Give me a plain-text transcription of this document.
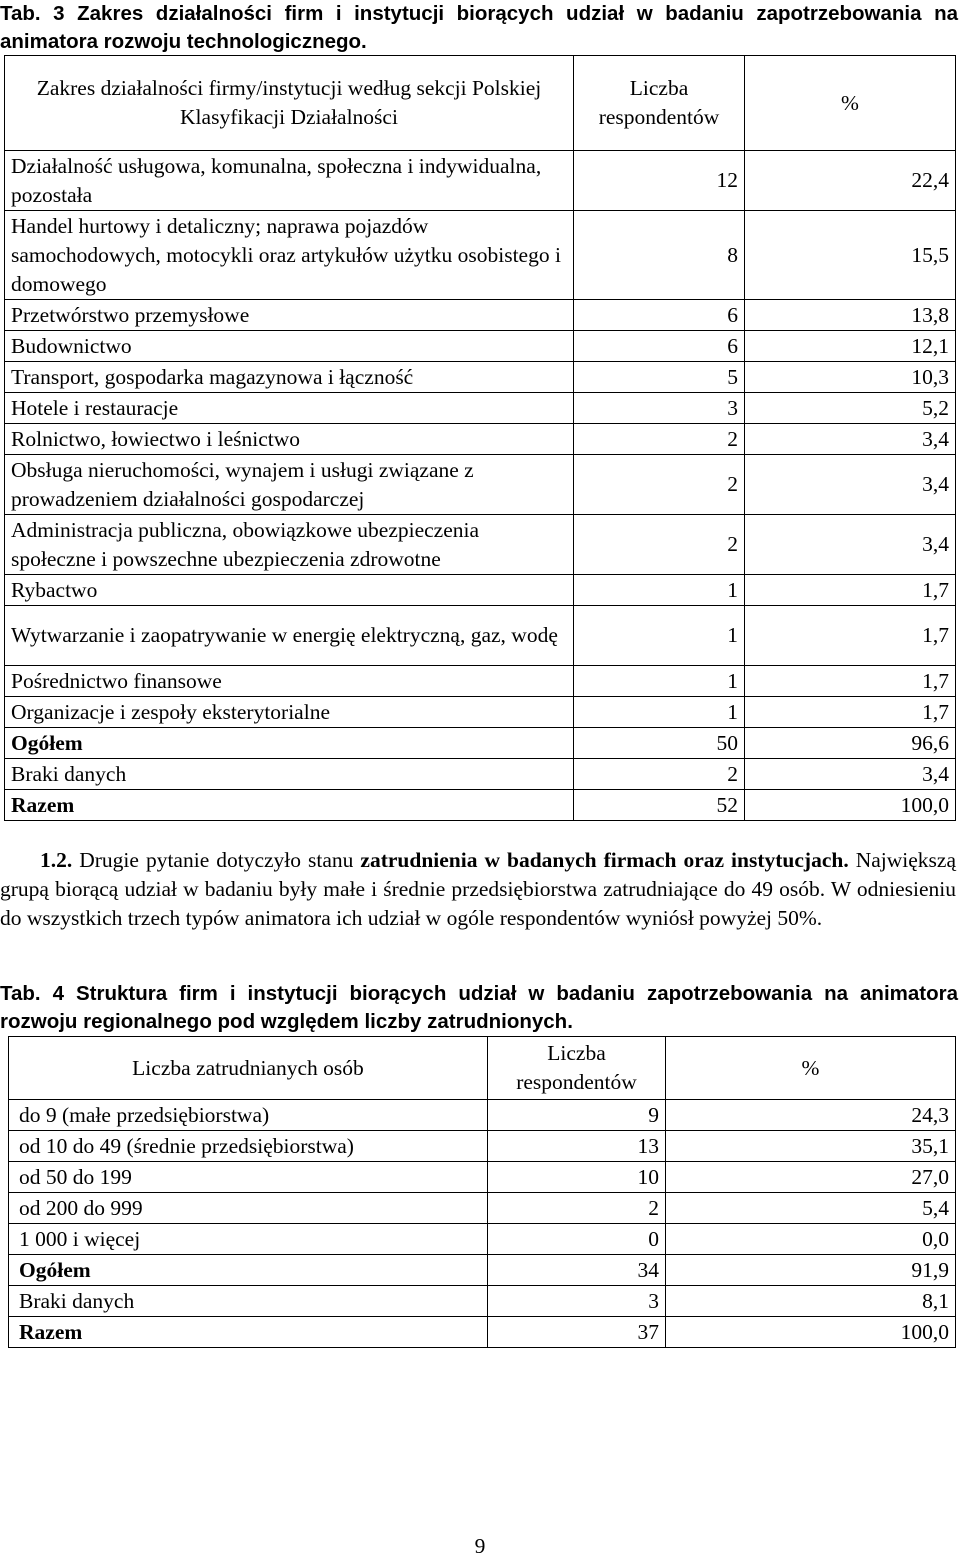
Tab. 3 Zakres działalności firm i instytucji biorących udział w badaniu zapotrzebowania na animatora rozwoju technologicznego.
Zakres działalności firmy/instytucji według sekcji Polskiej Klasyfikacji Działalności	Liczba respondentów	%
Działalność usługowa, komunalna, społeczna i indywidualna, pozostała	12	22,4
Handel hurtowy i detaliczny; naprawa pojazdów samochodowych, motocykli oraz artykułów użytku osobistego i domowego	8	15,5
Przetwórstwo przemysłowe	6	13,8
Budownictwo	6	12,1
Transport, gospodarka magazynowa i łączność	5	10,3
Hotele i restauracje	3	5,2
Rolnictwo, łowiectwo i leśnictwo	2	3,4
Obsługa nieruchomości, wynajem i usługi związane z prowadzeniem działalności gospodarczej	2	3,4
Administracja publiczna, obowiązkowe ubezpieczenia społeczne i powszechne ubezpieczenia zdrowotne	2	3,4
Rybactwo	1	1,7
Wytwarzanie i zaopatrywanie w energię elektryczną, gaz, wodę	1	1,7
Pośrednictwo finansowe	1	1,7
Organizacje i zespoły eksterytorialne	1	1,7
Ogółem	50	96,6
Braki danych	2	3,4
Razem	52	100,0
1.2. Drugie pytanie dotyczyło stanu zatrudnienia w badanych firmach oraz instytucjach. Największą grupą biorącą udział w badaniu były małe i średnie przedsiębiorstwa zatrudniające do 49 osób. W odniesieniu do wszystkich trzech typów animatora ich udział w ogóle respondentów wyniósł powyżej 50%.
Tab. 4 Struktura firm i instytucji biorących udział w badaniu zapotrzebowania na animatora rozwoju regionalnego pod względem liczby zatrudnionych.
Liczba zatrudnianych osób	Liczba respondentów	%
do 9 (małe przedsiębiorstwa)	9	24,3
od 10 do 49 (średnie przedsiębiorstwa)	13	35,1
od 50 do 199	10	27,0
od 200 do 999	2	5,4
1 000 i więcej	0	0,0
Ogółem	34	91,9
Braki danych	3	8,1
Razem	37	100,0
9
